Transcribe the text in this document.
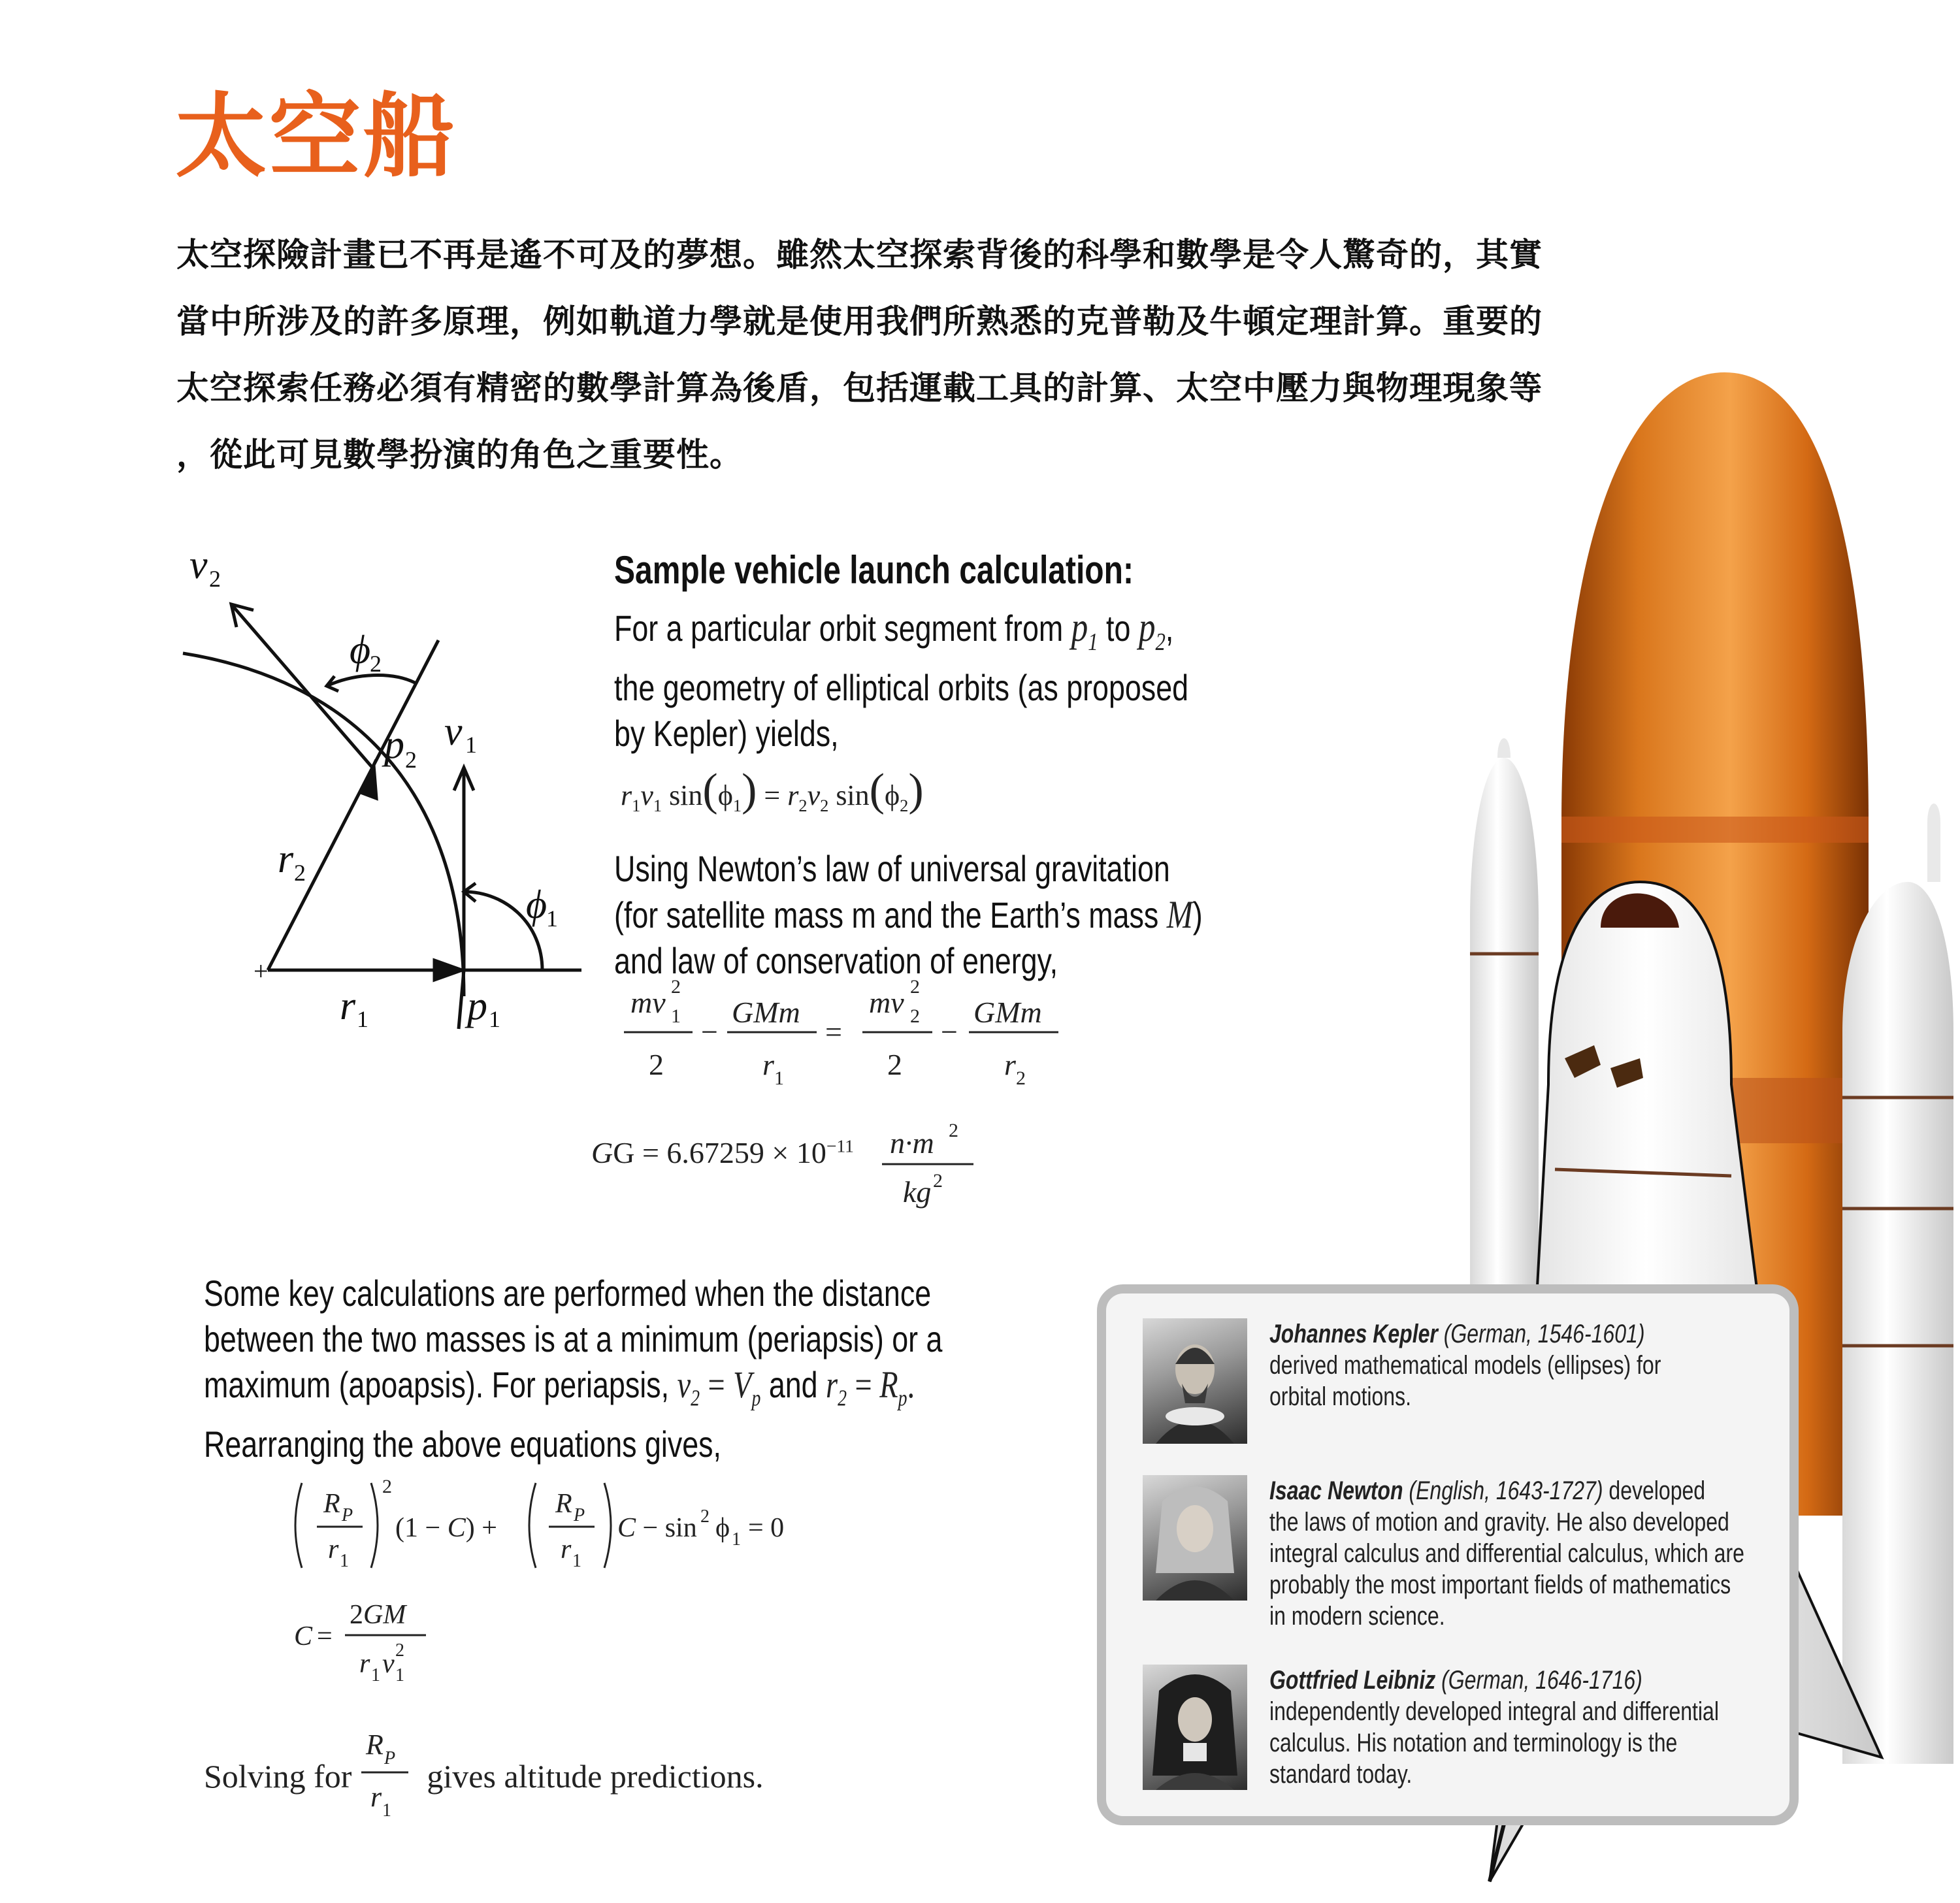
太空船
太空探險計畫已不再是遙不可及的夢想。雖然太空探索背後的科學和數學是令人驚奇的，其實
當中所涉及的許多原理，例如軌道力學就是使用我們所熟悉的克普勒及牛頓定理計算。重要的
太空探索任務必須有精密的數學計算為後盾，包括運載工具的計算、太空中壓力與物理現象等
，從此可見數學扮演的角色之重要性。
v 2
ϕ
2
p 2
v 1
r 2
ϕ
1
+
r 1 p 1
Sample vehicle launch calculation:
For a particular orbit segment from $p_1$ to $p_2$,
the geometry of elliptical orbits (as proposed
by Kepler) yields,
$r_1v_1$ $\sin(\phi_1) = r_2v_2$ $\sin(\phi_2)$
Using Newton’s law of universal gravitation
(for satellite mass m and the Earth’s mass M)
and law of conservation of energy,
mv 1
2
2
−
GMm
r 1
=
mv 2
2
2
−
GMm
r 2
GG = $6.67259 \times 10^{-11}$ n·m 2
kg 2
Some key calculations are performed when the distance
between the two masses is at a minimum (periapsis) or a
maximum (apoapsis). For periapsis, $v_2 = V_p$ and $r_2 = R_p$.
Rearranging the above equations gives,
R P
r 1
2
(1 − C) +
R P
r 1
C − sin 2 ϕ 1 = 0
C =
2GM
r 1 v 1
2
Solving for gives altitude predictions.
R P
r 1
Johannes Kepler (German, 1546-1601)
derived mathematical models (ellipses) for
orbital motions.
Isaac Newton (English, 1643-1727) developed
the laws of motion and gravity. He also developed
integral calculus and differential calculus, which are
probably the most important fields of mathematics
in modern science.
Gottfried Leibniz (German, 1646-1716)
independently developed integral and differential
calculus. His notation and terminology is the
standard today.
